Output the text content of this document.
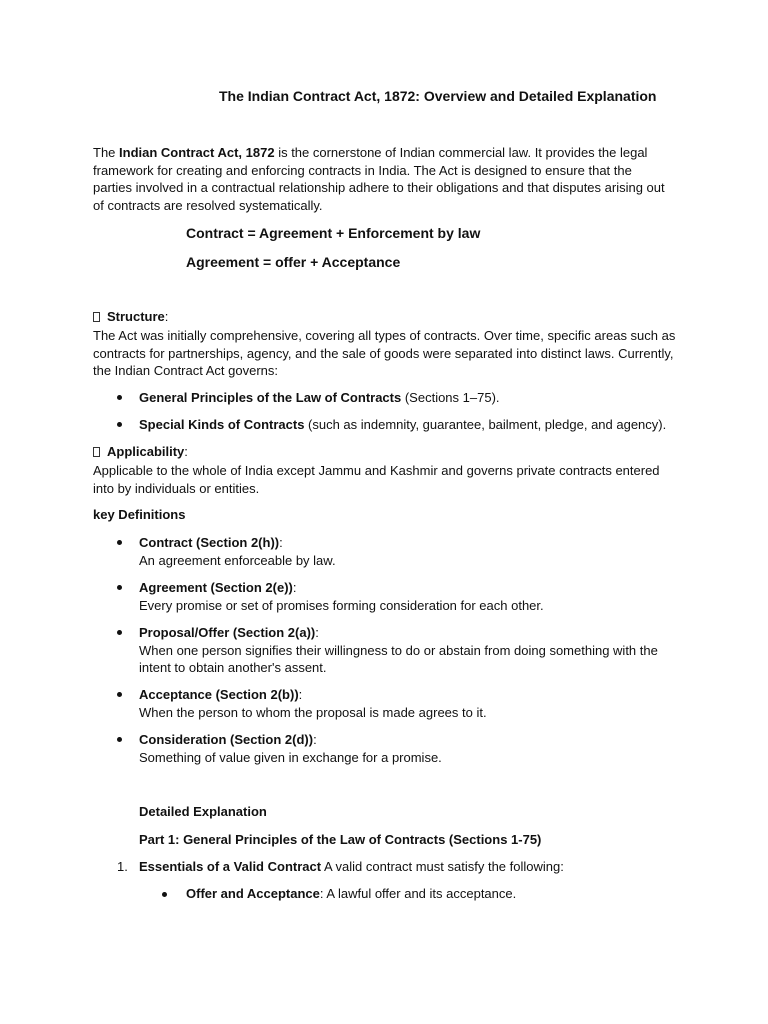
The Indian Contract Act, 1872: Overview and Detailed Explanation
The Indian Contract Act, 1872 is the cornerstone of Indian commercial law. It provides the legal
framework for creating and enforcing contracts in India. The Act is designed to ensure that the
parties involved in a contractual relationship adhere to their obligations and that disputes arising out
of contracts are resolved systematically.
Contract = Agreement + Enforcement by law
Agreement = offer + Acceptance
Structure:
The Act was initially comprehensive, covering all types of contracts. Over time, specific areas such as
contracts for partnerships, agency, and the sale of goods were separated into distinct laws. Currently,
the Indian Contract Act governs:
General Principles of the Law of Contracts (Sections 1–75).
Special Kinds of Contracts (such as indemnity, guarantee, bailment, pledge, and agency).
Applicability:
Applicable to the whole of India except Jammu and Kashmir and governs private contracts entered
into by individuals or entities.
key Definitions
Contract (Section 2(h)):
An agreement enforceable by law.
Agreement (Section 2(e)):
Every promise or set of promises forming consideration for each other.
Proposal/Offer (Section 2(a)):
When one person signifies their willingness to do or abstain from doing something with the
intent to obtain another's assent.
Acceptance (Section 2(b)):
When the person to whom the proposal is made agrees to it.
Consideration (Section 2(d)):
Something of value given in exchange for a promise.
Detailed Explanation
Part 1: General Principles of the Law of Contracts (Sections 1-75)
1. Essentials of a Valid Contract A valid contract must satisfy the following:
Offer and Acceptance: A lawful offer and its acceptance.
